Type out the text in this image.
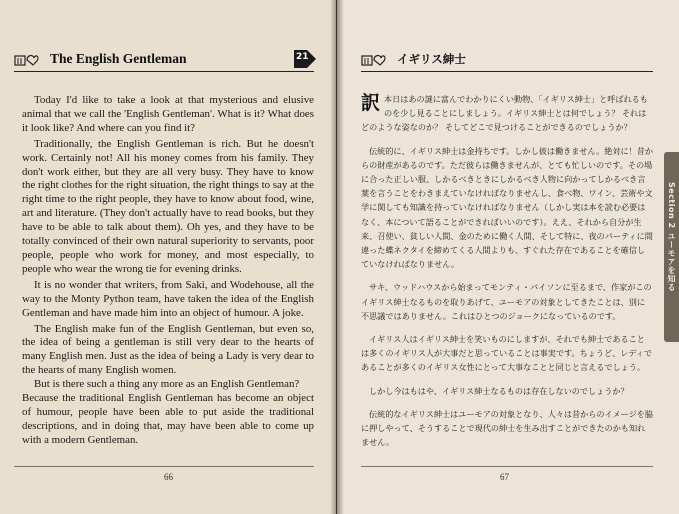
The English Gentleman	21

Today I'd like to take a look at that mysterious and elusive animal that we call the 'English Gentleman'. What is it? What does it look like? And where can you find it?

Traditionally, the English Gentleman is rich. But he doesn't work. Certainly not! All his money comes from his family. They don't work either, but they are all very busy. They have to know the right clothes for the right situation, the right things to say at the right time to the right people, they have to know about food, wine, art and literature. (They don't actually have to read books, but they have to be able to talk about them). Oh yes, and they have to be totally convinced of their own natural superiority to servants, poor people, people who work for money, and most especially, to people who wear the wrong tie for evening drinks.

It is no wonder that writers, from Saki, and Wodehouse, all the way to the Monty Python team, have taken the idea of the English Gentleman and have made him into an object of humour. A joke.

The English make fun of the English Gentleman, but even so, the idea of being a gentleman is still very dear to the hearts of many English men. Just as the idea of being a Lady is very dear to the hearts of many English women.

But is there such a thing any more as an English Gentleman?

Because the traditional English Gentleman has become an object of humour, people have been able to put aside the traditional descriptions, and in doing that, may have been able to come up with a modern Gentleman.

66
イギリス紳士
訳 本日はあの謎に富んでわかりにくい動物、「イギリス紳士」と呼ばれるものを少し見ることにしましょう。イギリス紳士とは何でしょう？ それはどのような姿なのか？ そしてどこで見つけることができるのでしょうか？

伝統的に、イギリス紳士は金持ちです。しかし彼は働きません。絶対に！昔からの財産があるのです。ただ彼らは働きませんが、とても忙しいのです。その場に合った正しい服、しかるべきときにしかるべき人物に向かってしかるべき言葉を言うことをわきまえていなければなりませんし、食べ物、ワイン、芸術や文学に関しても知識を持っていなければなりません（しかし実は本を読む必要はなく、本について語ることができればいいのです）。ええ、それから自分が生来、召使い、貧しい人間、金のために働く人間、そして特に、夜のパーティに間違った蝶ネクタイを締めてくる人間よりも、すぐれた存在であることを確信していなければなりません。

サキ、ウッドハウスから始まってモンティ・パイソンに至るまで、作家がこのイギリス紳士なるものを取りあげて、ユーモアの対象としてきたことは、別に不思議ではありません。これはひとつのジョークになっているのです。

イギリス人はイギリス紳士を笑いものにしますが、それでも紳士であることは多くのイギリス人が大事だと思っていることは事実です。ちょうど、レディであることが多くのイギリス女性にとって大事なことと同じと言えるでしょう。

しかし今はもはや、イギリス紳士なるものは存在しないのでしょうか？

伝統的なイギリス紳士はユーモアの対象となり、人々は昔からのイメージを脇に押しやって、そうすることで現代の紳士を生み出すことができたのかも知れません。

Section 2 ユーモアを知る
67
